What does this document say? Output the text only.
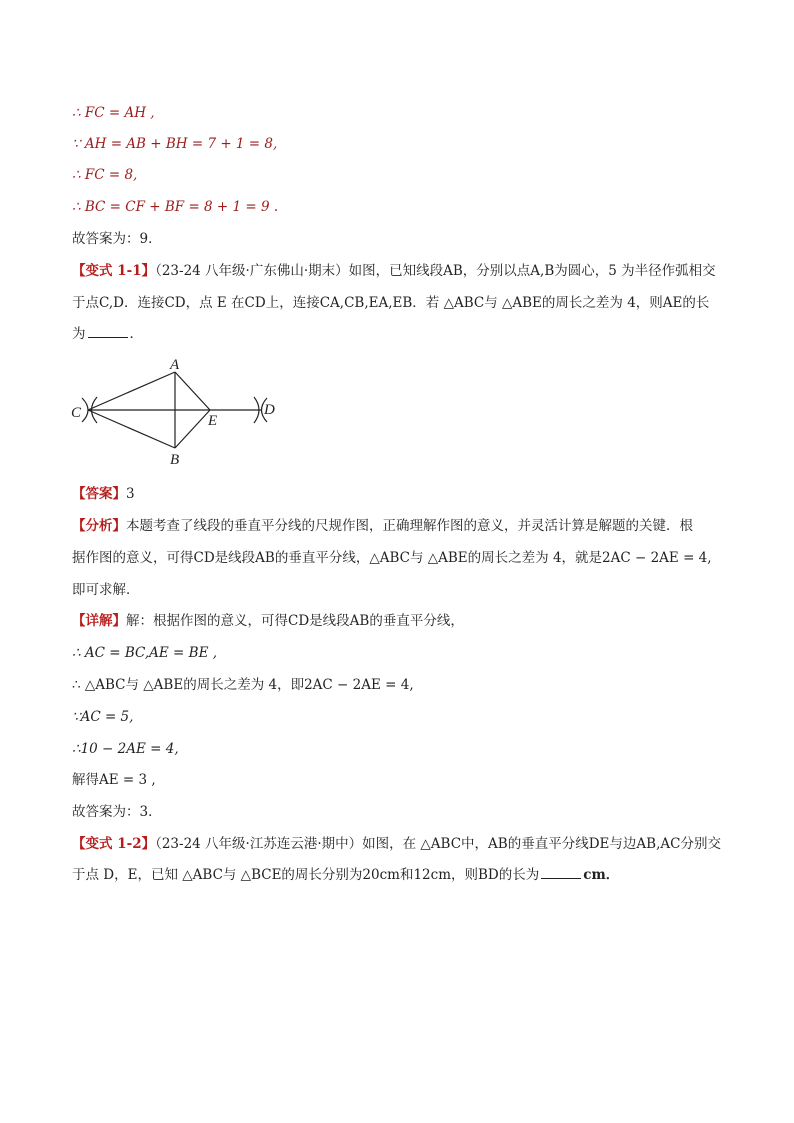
∴ FC = AH ,
∵ AH = AB + BH = 7 + 1 = 8,
∴ FC = 8,
∴ BC = CF + BF = 8 + 1 = 9 .
故答案为：9．
【变式 1-1】（23-24 八年级·广东佛山·期末）如图，已知线段AB，分别以点A,B为圆心，5 为半径作弧相交
于点C,D．连接CD，点 E 在CD上，连接CA,CB,EA,EB．若 △ABC与 △ABE的周长之差为 4，则AE的长
为	．
A
B
C	D
E
【答案】3
【分析】本题考查了线段的垂直平分线的尺规作图，正确理解作图的意义，并灵活计算是解题的关键．根
据作图的意义，可得CD是线段AB的垂直平分线，△ABC与 △ABE的周长之差为 4，就是2AC − 2AE = 4,
即可求解．
【详解】解：根据作图的意义，可得CD是线段AB的垂直平分线，
∴ AC = BC,AE = BE ,
∴ △ABC与 △ABE的周长之差为 4，即2AC − 2AE = 4,
∵AC = 5,
∴10 − 2AE = 4,
解得AE = 3 ,
故答案为：3．
【变式 1-2】（23-24 八年级·江苏连云港·期中）如图，在 △ABC中，AB的垂直平分线DE与边AB,AC分别交
于点 D，E，已知 △ABC与 △BCE的周长分别为20cm和12cm，则BD的长为	cm．
